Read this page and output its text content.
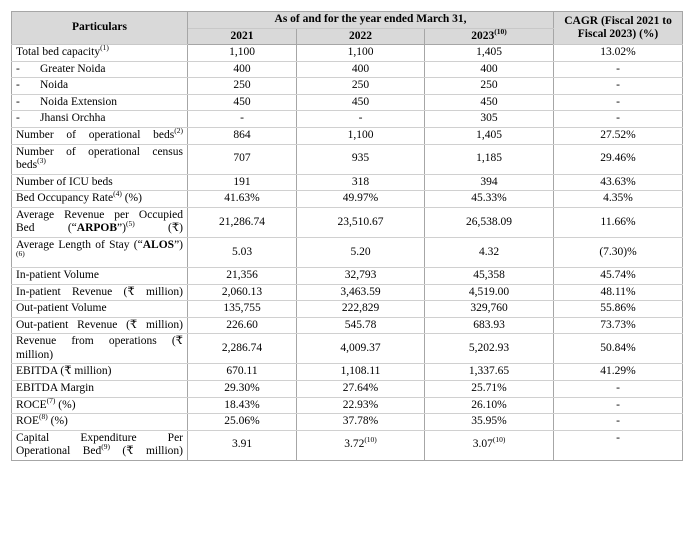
Particulars	As of and for the year ended March 31,			CAGR (Fiscal 2021 to Fiscal 2023) (%)
	2021	2022	2023$^{(10)}$
Total bed capacity$^{(1)}$	1,100	1,100	1,405	13.02%
- Greater Noida	400	400	400	-
- Noida	250	250	250	-
- Noida Extension	450	450	450	-
- Jhansi Orchha	-	-	305	-
Number of operational beds$^{(2)}$	864	1,100	1,405	27.52%
Number of operational census beds$^{(3)}$	707	935	1,185	29.46%
Number of ICU beds	191	318	394	43.63%
Bed Occupancy Rate$^{(4)}$ (%)	41.63%	49.97%	45.33%	4.35%
Average Revenue per Occupied Bed (“ARPOB”)$^{(5)}$ (₹)	21,286.74	23,510.67	26,538.09	11.66%
Average Length of Stay (“ALOS”)$^{(6)}$	5.03	5.20	4.32	(7.30)%
In-patient Volume	21,356	32,793	45,358	45.74%
In-patient Revenue (₹ million)	2,060.13	3,463.59	4,519.00	48.11%
Out-patient Volume	135,755	222,829	329,760	55.86%
Out-patient Revenue (₹ million)	226.60	545.78	683.93	73.73%
Revenue from operations (₹ million)	2,286.74	4,009.37	5,202.93	50.84%
EBITDA (₹ million)	670.11	1,108.11	1,337.65	41.29%
EBITDA Margin	29.30%	27.64%	25.71%	-
ROCE$^{(7)}$ (%)	18.43%	22.93%	26.10%	-
ROE$^{(8)}$ (%)	25.06%	37.78%	35.95%	-
Capital Expenditure Per Operational Bed$^{(9)}$ (₹ million)	3.91	3.72$^{(10)}$	3.07$^{(10)}$	-
